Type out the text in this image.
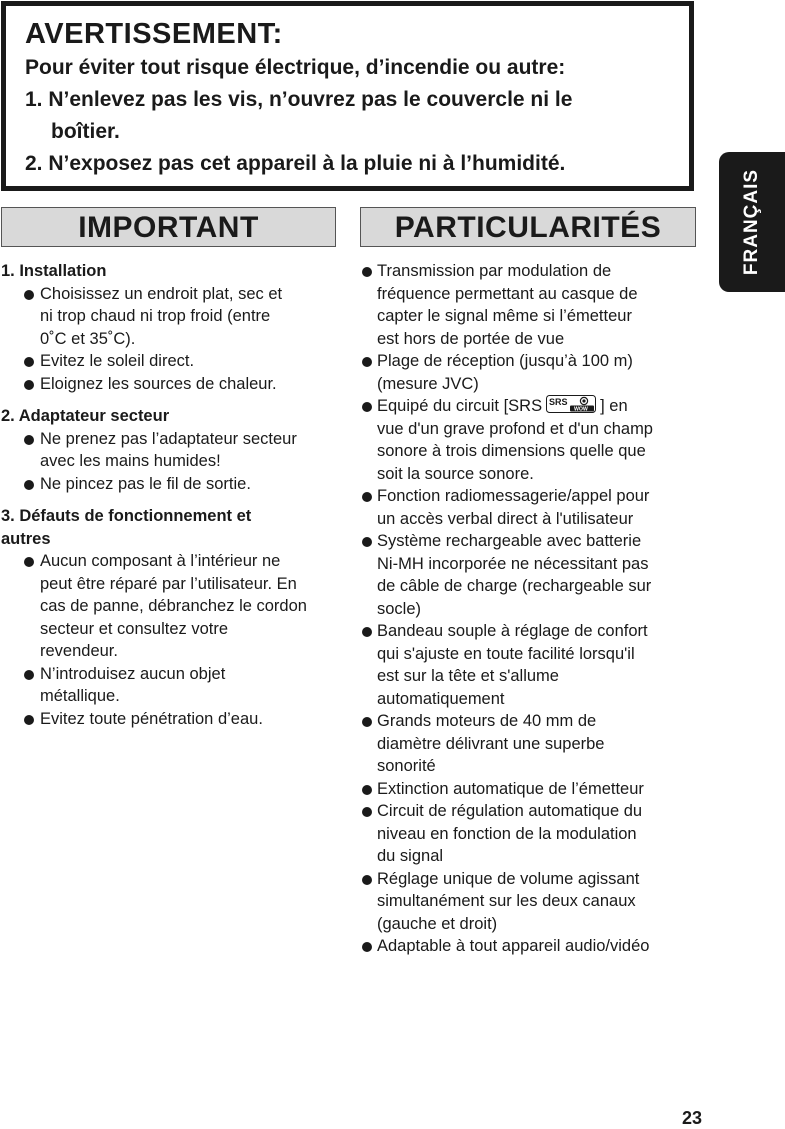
AVERTISSEMENT:
Pour éviter tout risque électrique, d’incendie ou autre:
1. N’enlevez pas les vis, n’ouvrez pas le couvercle ni le
boîtier.
2. N’exposez pas cet appareil à la pluie ni à l’humidité.
FRANÇAIS
IMPORTANT	PARTICULARITÉS
1. Installation
Choisissez un endroit plat, sec et
ni trop chaud ni trop froid (entre
0˚C et 35˚C).
Evitez le soleil direct.
Eloignez les sources de chaleur.
2. Adaptateur secteur
Ne prenez pas l’adaptateur secteur
avec les mains humides!
Ne pincez pas le fil de sortie.
3. Défauts de fonctionnement et
autres
Aucun composant à l’intérieur ne
peut être réparé par l’utilisateur. En
cas de panne, débranchez le cordon
secteur et consultez votre
revendeur.
N’introduisez aucun objet
métallique.
Evitez toute pénétration d’eau.
Transmission par modulation de
fréquence permettant au casque de
capter le signal même si l’émetteur
est hors de portée de vue
Plage de réception (jusqu’à 100 m)
(mesure JVC)
Equipé du circuit [SRS SRS
WOW ] en
vue d'un grave profond et d'un champ
sonore à trois dimensions quelle que
soit la source sonore.
Fonction radiomessagerie/appel pour
un accès verbal direct à l'utilisateur
Système rechargeable avec batterie
Ni-MH incorporée ne nécessitant pas
de câble de charge (rechargeable sur
socle)
Bandeau souple à réglage de confort
qui s'ajuste en toute facilité lorsqu'il
est sur la tête et s'allume
automatiquement
Grands moteurs de 40 mm de
diamètre délivrant une superbe
sonorité
Extinction automatique de l’émetteur
Circuit de régulation automatique du
niveau en fonction de la modulation
du signal
Réglage unique de volume agissant
simultanément sur les deux canaux
(gauche et droit)
Adaptable à tout appareil audio/vidéo
23
